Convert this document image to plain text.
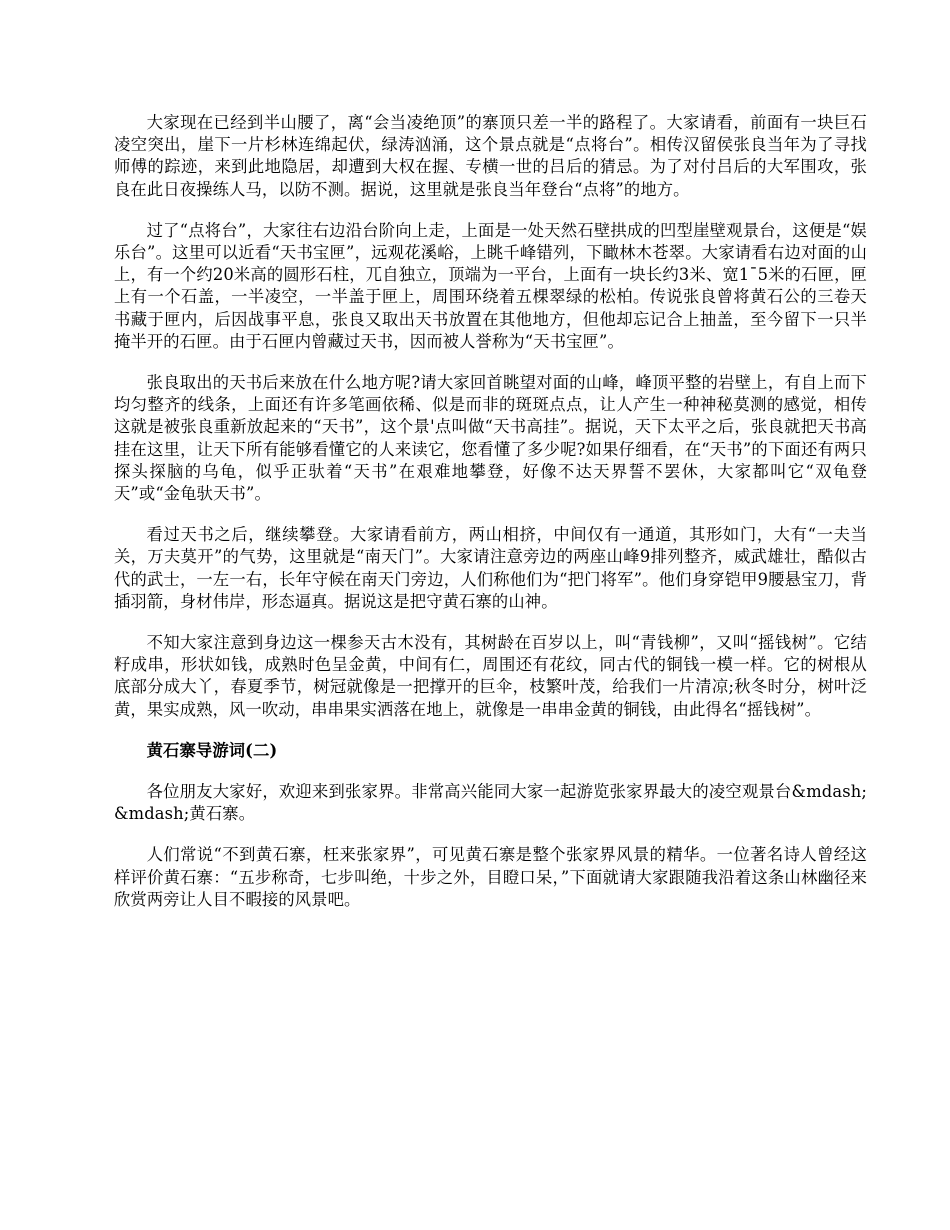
大家现在已经到半山腰了，离“会当凌绝顶”的寨顶只差一半的路程了。大家请看，前面有一块巨石凌空突出，崖下一片杉林连绵起伏，绿涛汹涌，这个景点就是“点将台”。相传汉留侯张良当年为了寻找师傅的踪迹，来到此地隐居，却遭到大权在握、专横一世的吕后的猜忌。为了对付吕后的大军围攻，张良在此日夜操练人马，以防不测。据说，这里就是张良当年登台“点将”的地方。

过了“点将台”，大家往右边沿台阶向上走，上面是一处天然石壁拱成的凹型崖壁观景台，这便是“娱乐台”。这里可以近看“天书宝匣”，远观花溪峪，上眺千峰错列，下瞰林木苍翠。大家请看右边对面的山上，有一个约20米高的圆形石柱，兀自独立，顶端为一平台，上面有一块长约3米、宽1¯5米的石匣，匣上有一个石盖，一半凌空，一半盖于匣上，周围环绕着五棵翠绿的松柏。传说张良曾将黄石公的三卷天书藏于匣内，后因战事平息，张良又取出天书放置在其他地方，但他却忘记合上抽盖，至今留下一只半掩半开的石匣。由于石匣内曾藏过天书，因而被人誉称为“天书宝匣”。

张良取出的天书后来放在什么地方呢?请大家回首眺望对面的山峰，峰顶平整的岩壁上，有自上而下均匀整齐的线条，上面还有许多笔画依稀、似是而非的斑斑点点，让人产生一种神秘莫测的感觉，相传这就是被张良重新放起来的“天书”，这个景'点叫做“天书高挂”。据说，天下太平之后，张良就把天书高挂在这里，让天下所有能够看懂它的人来读它，您看懂了多少呢?如果仔细看，在“天书”的下面还有两只探头探脑的乌龟，似乎正驮着“天书”在艰难地攀登，好像不达天界誓不罢休，大家都叫它“双龟登天”或“金龟驮天书”。

看过天书之后，继续攀登。大家请看前方，两山相挤，中间仅有一通道，其形如门，大有“一夫当关，万夫莫开”的气势，这里就是“南天门”。大家请注意旁边的两座山峰9排列整齐，威武雄壮，酷似古代的武士，一左一右，长年守候在南天门旁边，人们称他们为“把门将军”。他们身穿铠甲9腰悬宝刀，背插羽箭，身材伟岸，形态逼真。据说这是把守黄石寨的山神。

不知大家注意到身边这一棵参天古木没有，其树龄在百岁以上，叫“青钱柳”，又叫“摇钱树”。它结籽成串，形状如钱，成熟时色呈金黄，中间有仁，周围还有花纹，同古代的铜钱一模一样。它的树根从底部分成大丫，春夏季节，树冠就像是一把撑开的巨伞，枝繁叶茂，给我们一片清凉;秋冬时分，树叶泛黄，果实成熟，风一吹动，串串果实洒落在地上，就像是一串串金黄的铜钱，由此得名“摇钱树”。

黄石寨导游词(二)

各位朋友大家好，欢迎来到张家界。非常高兴能同大家一起游览张家界最大的凌空观景台&mdash;&mdash;黄石寨。

人们常说“不到黄石寨，枉来张家界”，可见黄石寨是整个张家界风景的精华。一位著名诗人曾经这样评价黄石寨：“五步称奇，七步叫绝，十步之外，目瞪口呆，”下面就请大家跟随我沿着这条山林幽径来欣赏两旁让人目不暇接的风景吧。
